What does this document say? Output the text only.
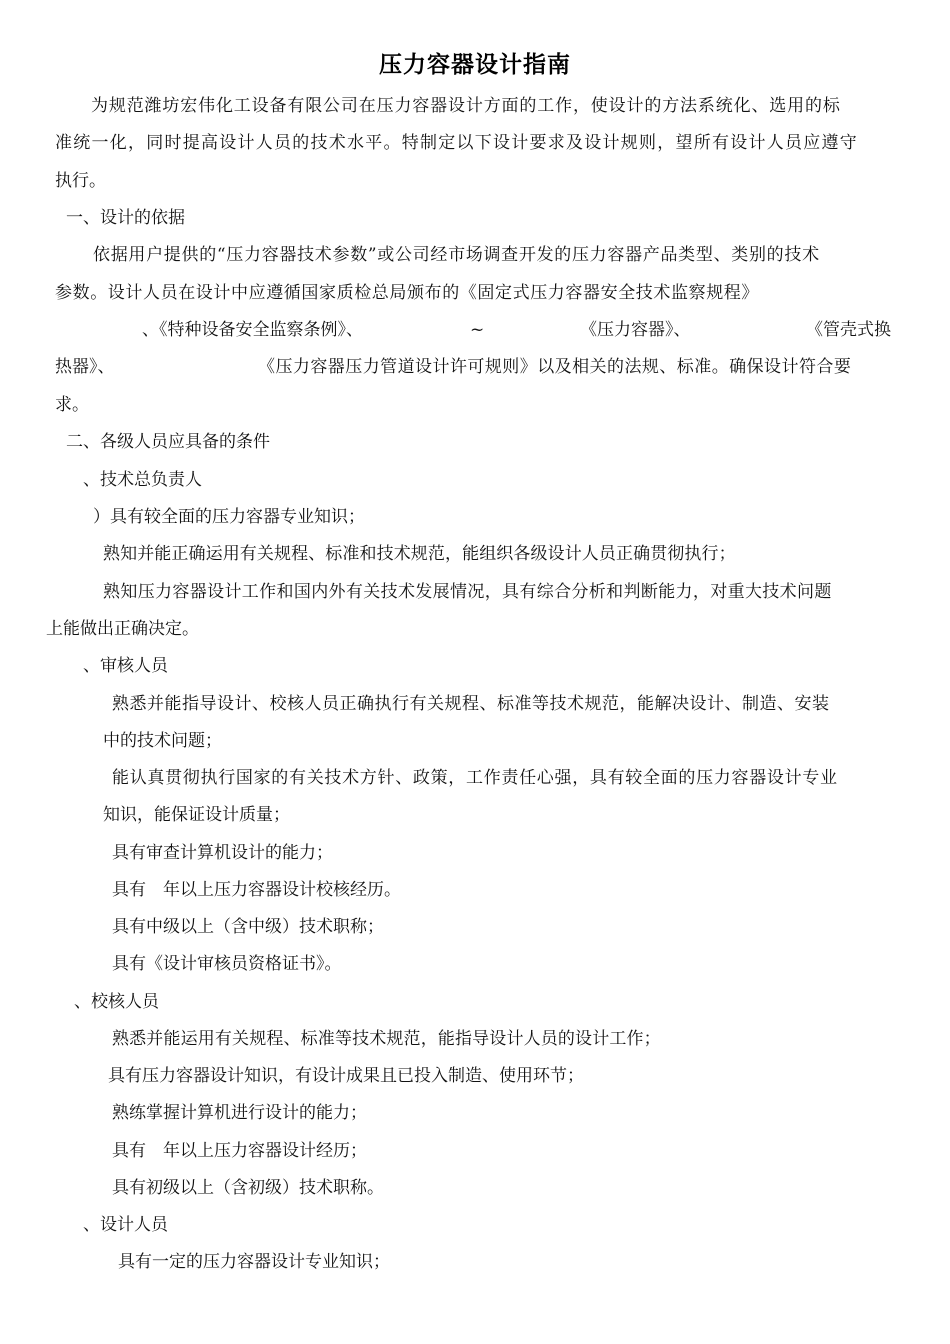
压力容器设计指南
为规范潍坊宏伟化工设备有限公司在压力容器设计方面的工作，使设计的方法系统化、选用的标
准统一化，同时提高设计人员的技术水平。特制定以下设计要求及设计规则，望所有设计人员应遵守
执行。
一、设计的依据
依据用户提供的“压力容器技术参数”或公司经市场调查开发的压力容器产品类型、类别的技术
参数。设计人员在设计中应遵循国家质检总局颁布的《固定式压力容器安全技术监察规程》
、《特种设备安全监察条例》、	~	《压力容器》、	《管壳式换
热器》、	《压力容器压力管道设计许可规则》以及相关的法规、标准。确保设计符合要
求。
二、各级人员应具备的条件
、技术总负责人
）具有较全面的压力容器专业知识；
熟知并能正确运用有关规程、标准和技术规范，能组织各级设计人员正确贯彻执行；
熟知压力容器设计工作和国内外有关技术发展情况，具有综合分析和判断能力，对重大技术问题
上能做出正确决定。
、审核人员
熟悉并能指导设计、校核人员正确执行有关规程、标准等技术规范，能解决设计、制造、安装
中的技术问题；
能认真贯彻执行国家的有关技术方针、政策，工作责任心强，具有较全面的压力容器设计专业
知识，能保证设计质量；
具有审查计算机设计的能力；
具有　年以上压力容器设计校核经历。
具有中级以上（含中级）技术职称；
具有《设计审核员资格证书》。
、校核人员
熟悉并能运用有关规程、标准等技术规范，能指导设计人员的设计工作；
具有压力容器设计知识，有设计成果且已投入制造、使用环节；
熟练掌握计算机进行设计的能力；
具有　年以上压力容器设计经历；
具有初级以上（含初级）技术职称。
、设计人员
具有一定的压力容器设计专业知识；
